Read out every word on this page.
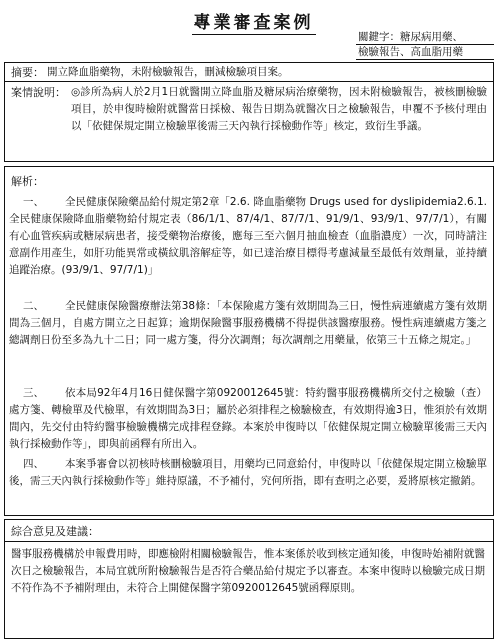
專業審查案例
關鍵字：糖尿病用藥、
檢驗報告、高血脂用藥
摘要： 開立降血脂藥物，未附檢驗報告，刪減檢驗項目案。
案情說明： ◎診所為病人於2月1日就醫開立降血脂及糖尿病治療藥物，因未附檢驗報告，被核刪檢驗項目，於申復時檢附就醫當日採檢、報告日期為就醫次日之檢驗報告，申覆不予核付理由以「依健保規定開立檢驗單後需三天內執行採檢動作等」核定，致衍生爭議。
解析：
一、	全民健康保險藥品給付規定第2章「2.6. 降血脂藥物 Drugs used for dyslipidemia2.6.1. 全民健康保險降血脂藥物給付規定表（86/1/1、87/4/1、87/7/1、91/9/1、93/9/1、97/7/1），有關有心血管疾病或糖尿病患者，接受藥物治療後，應每三至六個月抽血檢查（血脂濃度）一次，同時請注意副作用產生，如肝功能異常或橫紋肌溶解症等，如已達治療目標得考慮減量至最低有效劑量，並持續追蹤治療。(93/9/1、97/7/1)」
二、	全民健康保險醫療辦法第38條：「本保險處方箋有效期間為三日，慢性病連續處方箋有效期間為三個月，自處方開立之日起算；逾期保險醫事服務機構不得提供該醫療服務。慢性病連續處方箋之總調劑日份至多為九十二日；同一處方箋，得分次調劑；每次調劑之用藥量，依第三十五條之規定。」
三、	依本局92年4月16日健保醫字第0920012645號：特約醫事服務機構所交付之檢驗（查）處方箋、轉檢單及代檢單，有效期間為3日；屬於必須排程之檢驗檢查，有效期得逾3日，惟須於有效期間內，先交付由特約醫事檢驗機構完成排程登錄。本案於申復時以「依健保規定開立檢驗單後需三天內執行採檢動作等」，即與前函釋有所出入。
四、	本案爭審會以初核時核刪檢驗項目，用藥均已同意給付，申復時以「依健保規定開立檢驗單後，需三天內執行採檢動作等」維持原議，不予補付，究何所指，即有查明之必要，爰將原核定撤銷。
綜合意見及建議：
醫事服務機構於申報費用時，即應檢附相關檢驗報告，惟本案係於收到核定通知後，申復時始補附就醫次日之檢驗報告，本局宜就所附檢驗報告是否符合藥品給付規定予以審查。本案申復時以檢驗完成日期不符作為不予補附理由，未符合上開健保醫字第0920012645號函釋原則。
